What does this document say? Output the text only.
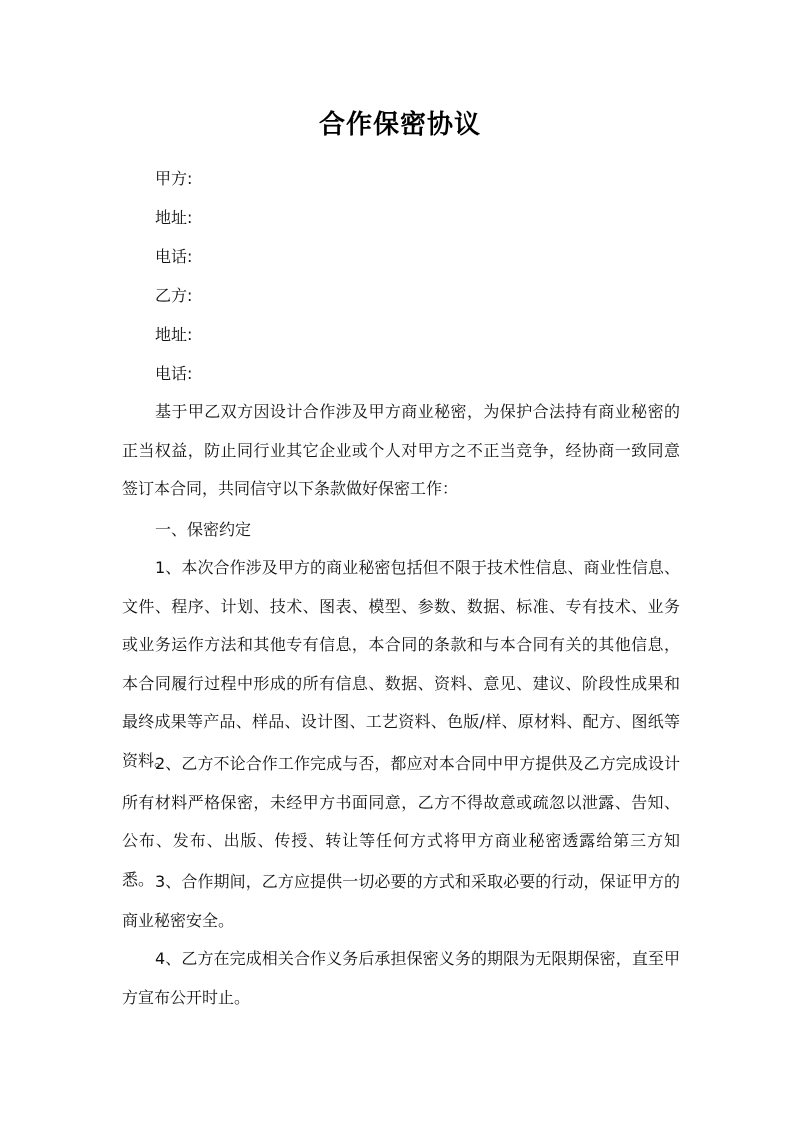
合作保密协议
甲方:
地址:
电话:
乙方:
地址:
电话:

基于甲乙双方因设计合作涉及甲方商业秘密，为保护合法持有商业秘密的正当权益，防止同行业其它企业或个人对甲方之不正当竞争，经协商一致同意签订本合同，共同信守以下条款做好保密工作：

一、保密约定

1、本次合作涉及甲方的商业秘密包括但不限于技术性信息、商业性信息、文件、程序、计划、技术、图表、模型、参数、数据、标准、专有技术、业务或业务运作方法和其他专有信息，本合同的条款和与本合同有关的其他信息，本合同履行过程中形成的所有信息、数据、资料、意见、建议、阶段性成果和最终成果等产品、样品、设计图、工艺资料、色版/样、原材料、配方、图纸等资料。

2、乙方不论合作工作完成与否，都应对本合同中甲方提供及乙方完成设计所有材料严格保密，未经甲方书面同意，乙方不得故意或疏忽以泄露、告知、公布、发布、出版、传授、转让等任何方式将甲方商业秘密透露给第三方知悉。 3、合作期间，乙方应提供一切必要的方式和采取必要的行动，保证甲方的商业秘密安全。

4、乙方在完成相关合作义务后承担保密义务的期限为无限期保密，直至甲方宣布公开时止。
